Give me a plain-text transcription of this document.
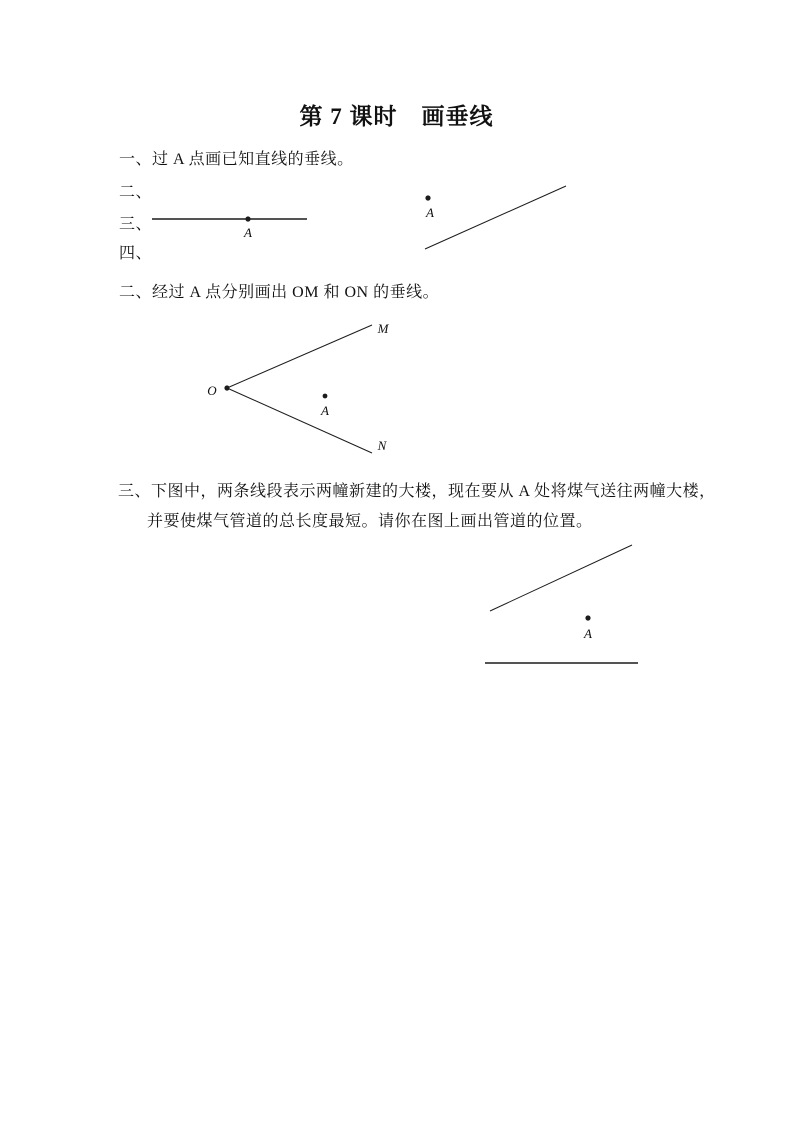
第 7 课时　画垂线
一、过 A 点画已知直线的垂线。
二、
三、
四、
二、经过 A 点分别画出 OM 和 ON 的垂线。
三、下图中，两条线段表示两幢新建的大楼，现在要从 A 处将煤气送往两幢大楼，
并要使煤气管道的总长度最短。请你在图上画出管道的位置。
A
A
O
M
N
A
A
